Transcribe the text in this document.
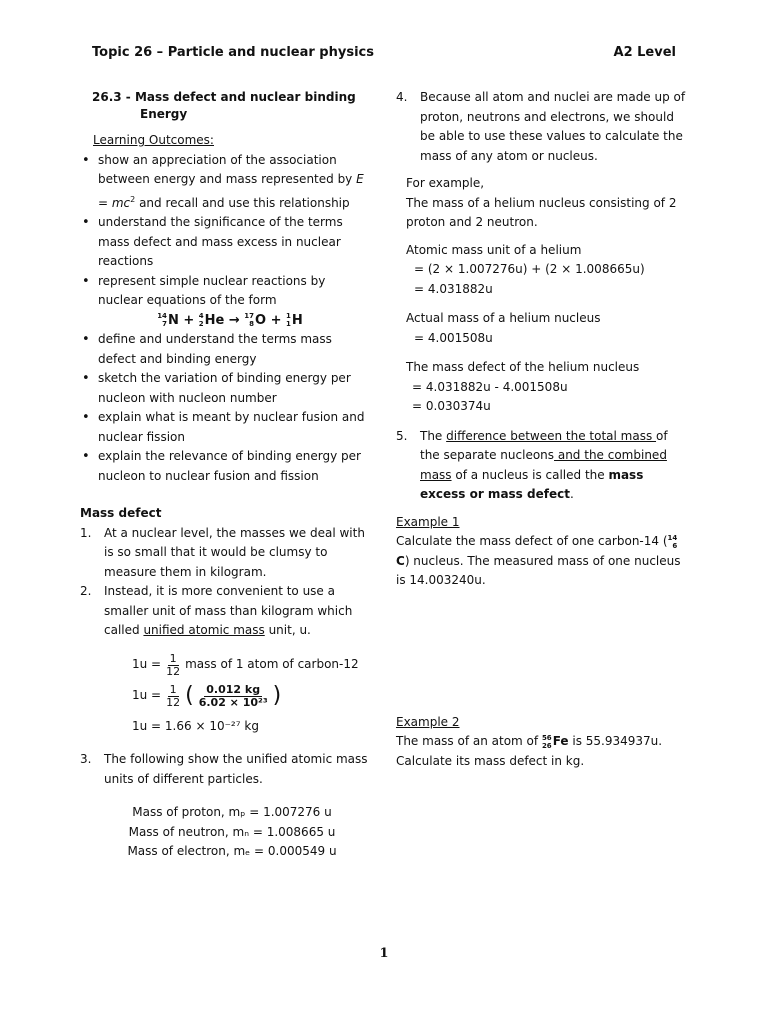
Topic 26 – Particle and nuclear physics	A2 Level
26.3 - Mass defect and nuclear binding
Energy
Learning Outcomes:
• show an appreciation of the association between energy and mass represented by $E = mc^2$ and recall and use this relationship
• understand the significance of the terms mass defect and mass excess in nuclear reactions
• represent simple nuclear reactions by nuclear equations of the form
14
7 N + 4
2 He → 17
8 O + 1
1 H
• define and understand the terms mass defect and binding energy
• sketch the variation of binding energy per nucleon with nucleon number
• explain what is meant by nuclear fusion and nuclear fission
• explain the relevance of binding energy per nucleon to nuclear fusion and fission
Mass defect
1. At a nuclear level, the masses we deal with is so small that it would be clumsy to measure them in kilogram.
2. Instead, it is more convenient to use a smaller unit of mass than kilogram which called unified atomic mass unit, u.
$1u = \frac{1}{12}$ mass of 1 atom of carbon-12
$1u = \frac{1}{12}$ ( $\frac{0.012 kg}{\text{6.02 × 10²³}}$ )
1u = 1.66 × 10⁻²⁷ kg
3. The following show the unified atomic mass units of different particles.
Mass of proton, mₚ = 1.007276 u
Mass of neutron, mₙ = 1.008665 u
Mass of electron, mₑ = 0.000549 u
4. Because all atom and nuclei are made up of proton, neutrons and electrons, we should be able to use these values to calculate the mass of any atom or nucleus.
For example,
The mass of a helium nucleus consisting of 2 proton and 2 neutron.
Atomic mass unit of a helium
= (2 × 1.007276u) + (2 × 1.008665u)
= 4.031882u
Actual mass of a helium nucleus
= 4.001508u
The mass defect of the helium nucleus
= 4.031882u - 4.001508u
= 0.030374u
5. The difference between the total mass of the separate nucleons and the combined mass of a nucleus is called the mass excess or mass defect.
Example 1
Calculate the mass defect of one carbon-14 ( 14
6
C) nucleus. The measured mass of one nucleus is 14.003240u.
Example 2
The mass of an atom of 56
26 Fe is 55.934937u.
Calculate its mass defect in kg.
1
